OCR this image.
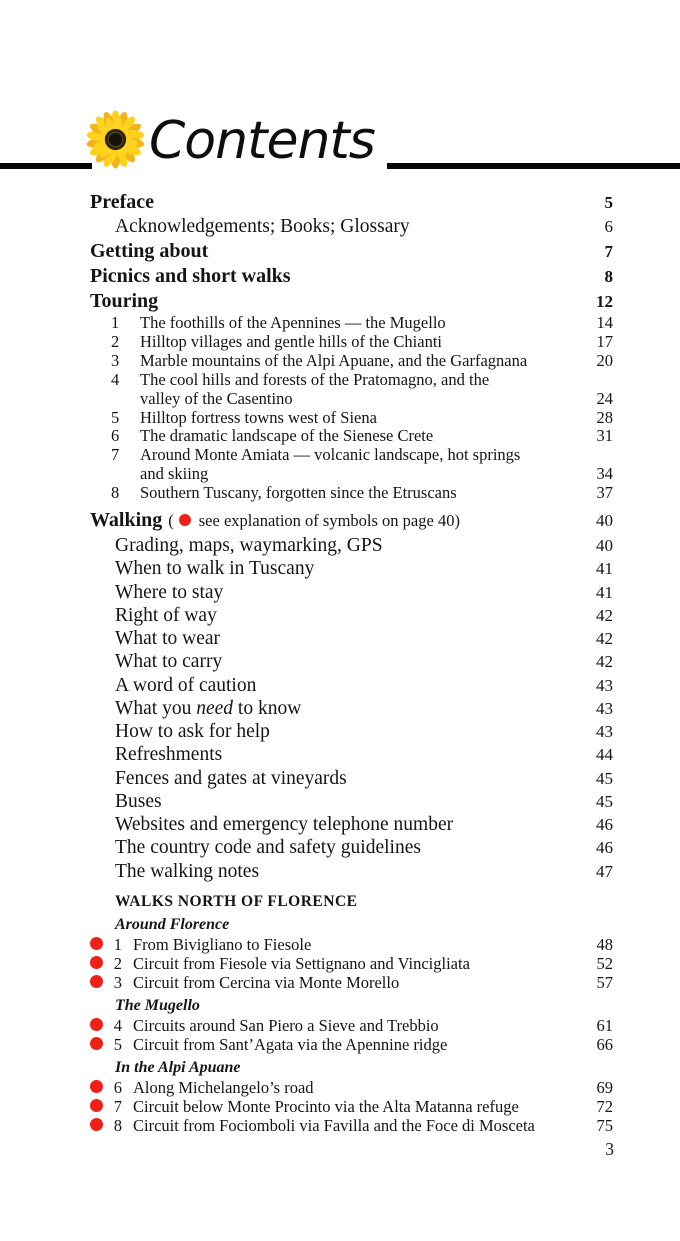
Contents
Preface	5
Acknowledgements; Books; Glossary	6
Getting about	7
Picnics and short walks	8
Touring	12
1	The foothills of the Apennines — the Mugello	14
2	Hilltop villages and gentle hills of the Chianti	17
3	Marble mountains of the Alpi Apuane, and the Garfagnana	20
4	The cool hills and forests of the Pratomagno, and the
valley of the Casentino	24
5	Hilltop fortress towns west of Siena	28
6	The dramatic landscape of the Sienese Crete	31
7	Around Monte Amiata — volcanic landscape, hot springs
and skiing	34
8	Southern Tuscany, forgotten since the Etruscans	37
Walking ( see explanation of symbols on page 40)	40
Grading, maps, waymarking, GPS	40
When to walk in Tuscany	41
Where to stay	41
Right of way	42
What to wear	42
What to carry	42
A word of caution	43
What you need to know	43
How to ask for help	43
Refreshments	44
Fences and gates at vineyards	45
Buses	45
Websites and emergency telephone number	46
The country code and safety guidelines	46
The walking notes	47
WALKS NORTH OF FLORENCE
Around Florence
1 From Bivigliano to Fiesole	48
2 Circuit from Fiesole via Settignano and Vincigliata	52
3 Circuit from Cercina via Monte Morello	57
The Mugello
4 Circuits around San Piero a Sieve and Trebbio	61
5 Circuit from Sant’Agata via the Apennine ridge	66
In the Alpi Apuane
6 Along Michelangelo’s road	69
7 Circuit below Monte Procinto via the Alta Matanna refuge	72
8 Circuit from Fociomboli via Favilla and the Foce di Mosceta	75
3
